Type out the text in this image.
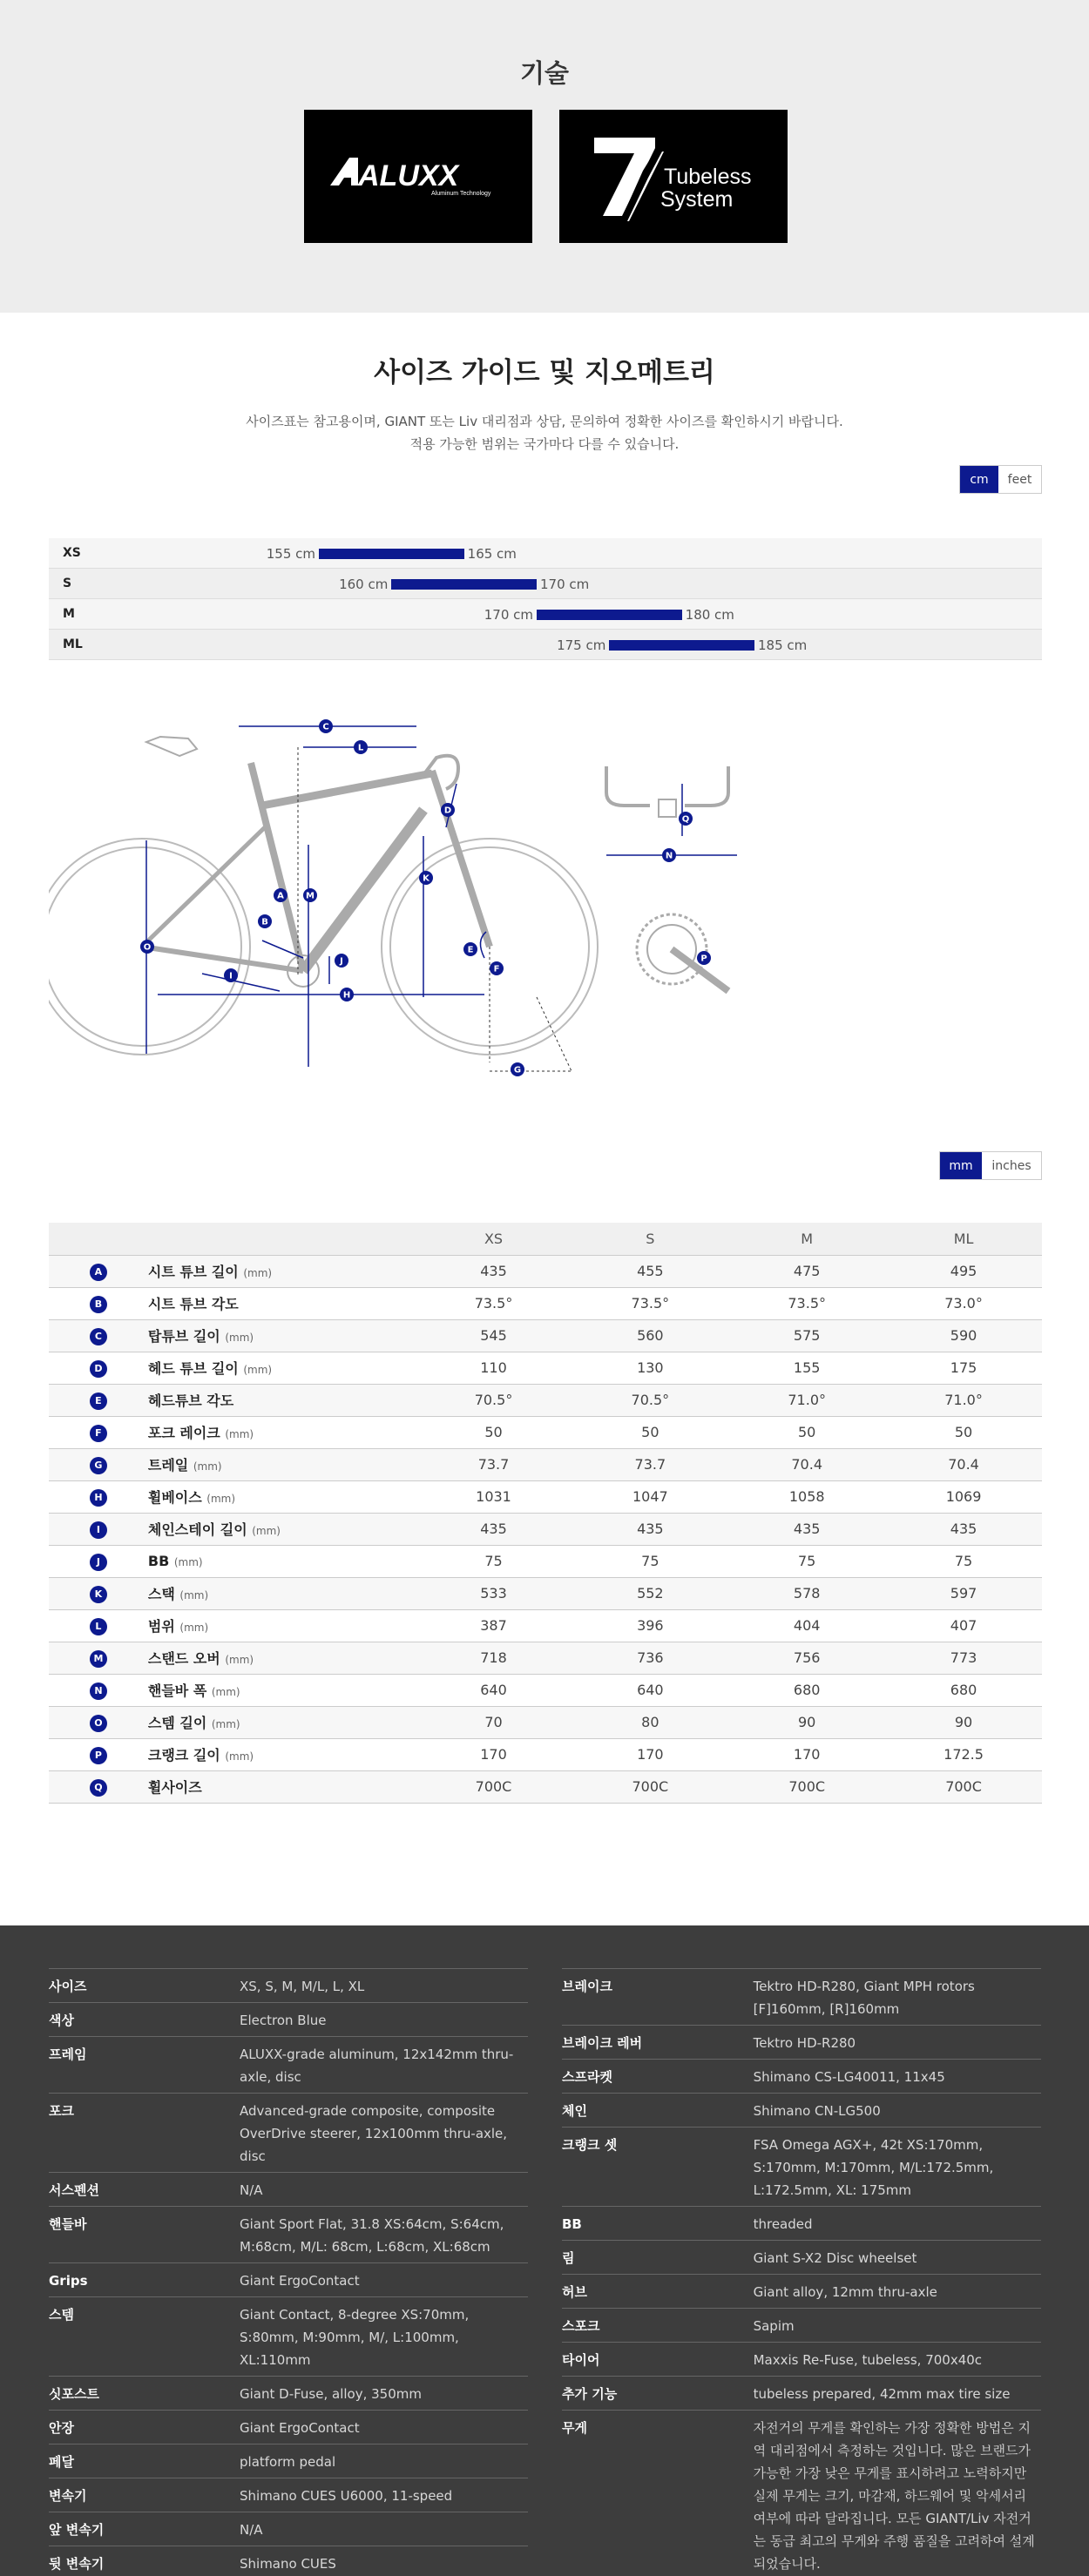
기술
ALUXX
Aluminum Technology
Tubeless
System
사이즈 가이드 및 지오메트리
사이즈표는 참고용이며, GIANT 또는 Liv 대리점과 상담, 문의하여 정확한 사이즈를 확인하시기 바랍니다.
적용 가능한 범위는 국가마다 다를 수 있습니다.
cm	feet
XS	155 cm	165 cm
S	160 cm	170 cm
M	170 cm	180 cm
ML	175 cm	185 cm
A
B
C
D
E
F
G
H
I
J
K
L
M
N
O
P
Q
mm	inches
		XS	S	M	ML
A	시트 튜브 길이 (mm)	435	455	475	495
B	시트 튜브 각도	73.5°	73.5°	73.5°	73.0°
C	탑튜브 길이 (mm)	545	560	575	590
D	헤드 튜브 길이 (mm)	110	130	155	175
E	헤드튜브 각도	70.5°	70.5°	71.0°	71.0°
F	포크 레이크 (mm)	50	50	50	50
G	트레일 (mm)	73.7	73.7	70.4	70.4
H	휠베이스 (mm)	1031	1047	1058	1069
I	체인스테이 길이 (mm)	435	435	435	435
J	BB (mm)	75	75	75	75
K	스택 (mm)	533	552	578	597
L	범위 (mm)	387	396	404	407
M	스탠드 오버 (mm)	718	736	756	773
N	핸들바 폭 (mm)	640	640	680	680
O	스템 길이 (mm)	70	80	90	90
P	크랭크 길이 (mm)	170	170	170	172.5
Q	휠사이즈	700C	700C	700C	700C
사이즈	XS, S, M, M/L, L, XL
색상	Electron Blue
프레임	ALUXX-grade aluminum, 12x142mm thru-axle, disc
포크	Advanced-grade composite, composite OverDrive steerer, 12x100mm thru-axle, disc
서스펜션	N/A
핸들바	Giant Sport Flat, 31.8 XS:64cm, S:64cm, M:68cm, M/L: 68cm, L:68cm, XL:68cm
Grips	Giant ErgoContact
스템	Giant Contact, 8-degree XS:70mm, S:80mm, M:90mm, M/, L:100mm, XL:110mm
싯포스트	Giant D-Fuse, alloy, 350mm
안장	Giant ErgoContact
페달	platform pedal
변속기	Shimano CUES U6000, 11-speed
앞 변속기	N/A
뒷 변속기	Shimano CUES
브레이크	Tektro HD-R280, Giant MPH rotors [F]160mm, [R]160mm
브레이크 레버	Tektro HD-R280
스프라켓	Shimano CS-LG40011, 11x45
체인	Shimano CN-LG500
크랭크 셋	FSA Omega AGX+, 42t XS:170mm, S:170mm, M:170mm, M/L:172.5mm, L:172.5mm, XL: 175mm
BB	threaded
림	Giant S-X2 Disc wheelset
허브	Giant alloy, 12mm thru-axle
스포크	Sapim
타이어	Maxxis Re-Fuse, tubeless, 700x40c
추가 기능	tubeless prepared, 42mm max tire size
무게	자전거의 무게를 확인하는 가장 정확한 방법은 지역 대리점에서 측정하는 것입니다. 많은 브랜드가 가능한 가장 낮은 무게를 표시하려고 노력하지만 실제 무게는 크기, 마감재, 하드웨어 및 악세서리 여부에 따라 달라집니다. 모든 GIANT/Liv 자전거는 동급 최고의 무게와 주행 품질을 고려하여 설계되었습니다.
